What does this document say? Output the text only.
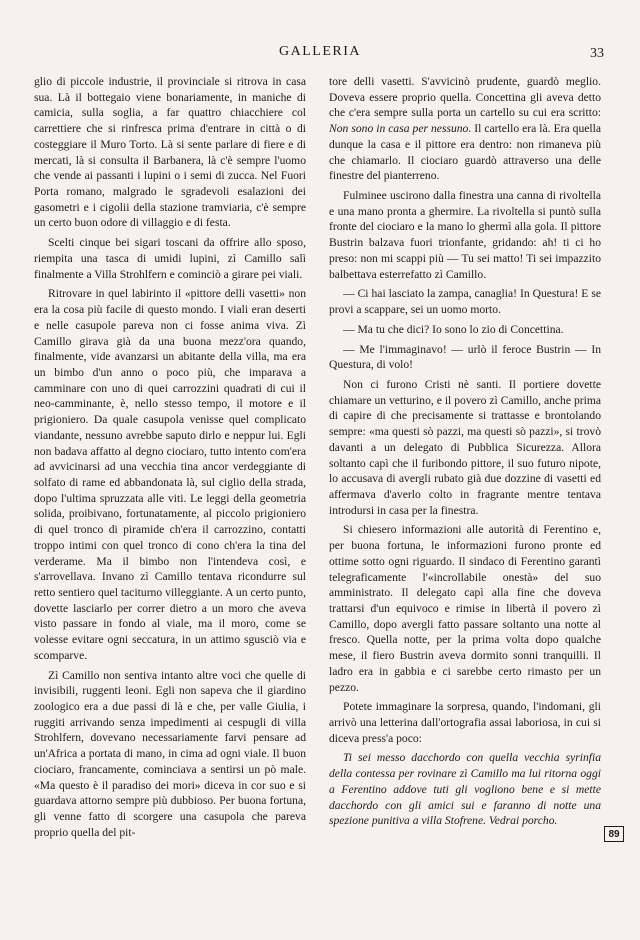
GALLERIA	33

glio di piccole industrie, il provinciale si ritrova in casa sua. Là il bottegaio viene bonariamente, in maniche di camicia, sulla soglia, a far quattro chiacchiere col carrettiere che si rinfresca prima d'entrare in città o di costeggiare il Muro Torto. Là si sente parlare di fiere e di mercati, là si consulta il Barbanera, là c'è sempre l'uomo che vende ai passanti i lupini o i semi di zucca. Nel Fuori Porta romano, malgrado le sgradevoli esalazioni dei gasometri e i cigolii della stazione tramviaria, c'è sempre un certo buon odore di villaggio e di festa.

Scelti cinque bei sigari toscani da offrire allo sposo, riempita una tasca di umidi lupini, zì Camillo salì finalmente a Villa Strohlfern e cominciò a girare pei viali.

Ritrovare in quel labirinto il «pittore delli vasetti» non era la cosa più facile di questo mondo. I viali eran deserti e nelle casupole pareva non ci fosse anima viva. Zì Camillo girava già da una buona mezz'ora quando, finalmente, vide avanzarsi un abitante della villa, ma era un bimbo d'un anno o poco più, che imparava a camminare con uno di quei carrozzini quadrati di cui il neo-camminante, è, nello stesso tempo, il motore e il prigioniero. Da quale casupola venisse quel complicato viandante, nessuno avrebbe saputo dirlo e neppur lui. Egli non badava affatto al degno ciociaro, tutto intento com'era ad avvicinarsi ad una vecchia tina ancor verdeggiante di solfato di rame ed abbandonata là, sul ciglio della strada, dopo l'ultima spruzzata alle viti. Le leggi della geometria solida, proibivano, fortunatamente, al piccolo prigioniero di quel tronco di piramide ch'era il carrozzino, contatti troppo intimi con quel tronco di cono ch'era la tina del verderame. Ma il bimbo non l'intendeva così, e s'arrovellava. Invano zì Camillo tentava ricondurre sul retto sentiero quel taciturno villeggiante. A un certo punto, dovette lasciarlo per correr dietro a un moro che aveva visto passare in fondo al viale, ma il moro, come se volesse evitare ogni seccatura, in un attimo sgusciò via e scomparve.

Zì Camillo non sentiva intanto altre voci che quelle di invisibili, ruggenti leoni. Egli non sapeva che il giardino zoologico era a due passi di là e che, per valle Giulia, i ruggiti arrivando senza impedimenti ai cespugli di villa Strohlfern, dovevano necessariamente farvi pensare ad un'Africa a portata di mano, in cima ad ogni viale. Il buon ciociaro, francamente, cominciava a sentirsi un pò male. «Ma questo è il paradiso dei mori» diceva in cor suo e si guardava attorno sempre più dubbioso. Per buona fortuna, gli venne fatto di scorgere una casupola che pareva proprio quella del pit-

tore delli vasetti. S'avvicinò prudente, guardò meglio. Doveva essere proprio quella. Concettina gli aveva detto che c'era sempre sulla porta un cartello su cui era scritto: Non sono in casa per nessuno. Il cartello era là. Era quella dunque la casa e il pittore era dentro: non rimaneva più che chiamarlo. Il ciociaro guardò attraverso una delle finestre del pianterreno.

Fulminee uscirono dalla finestra una canna di rivoltella e una mano pronta a ghermire. La rivoltella si puntò sulla fronte del ciociaro e la mano lo ghermì alla gola. Il pittore Bustrin balzava fuori trionfante, gridando: ah! ti ci ho preso: non mi scappi più — Tu sei matto! Ti sei impazzito balbettava esterrefatto zì Camillo.

— Ci hai lasciato la zampa, canaglia! In Questura! E se provi a scappare, sei un uomo morto.

— Ma tu che dici? Io sono lo zio di Concettina.

— Me l'immaginavo! — urlò il feroce Bustrin — In Questura, di volo!

Non ci furono Cristi nè santi. Il portiere dovette chiamare un vetturino, e il povero zì Camillo, anche prima di capire di che precisamente si trattasse e brontolando sempre: «ma questi sò pazzi, ma questi sò pazzi», si trovò davanti a un delegato di Pubblica Sicurezza. Allora soltanto capì che il furibondo pittore, il suo futuro nipote, lo accusava di avergli rubato già due dozzine di vasetti ed affermava d'averlo colto in fragrante mentre tentava introdursi in casa per la finestra.

Si chiesero informazioni alle autorità di Ferentino e, per buona fortuna, le informazioni furono pronte ed ottime sotto ogni riguardo. Il sindaco di Ferentino garantì telegraficamente l'«incrollabile onestà» del suo amministrato. Il delegato capì alla fine che doveva trattarsi d'un equivoco e rimise in libertà il povero zì Camillo, dopo avergli fatto passare soltanto una notte al fresco. Quella notte, per la prima volta dopo qualche mese, il fiero Bustrin aveva dormito sonni tranquilli. Il ladro era in gabbia e ci sarebbe certo rimasto per un pezzo.

Potete immaginare la sorpresa, quando, l'indomani, gli arrivò una letterina dall'ortografia assai laboriosa, in cui si diceva press'a poco:

Ti sei messo dacchordo con quella vecchia syrinfia della contessa per rovinare zì Camillo ma lui ritorna oggi a Ferentino addove tuti gli vogliono bene e si mette dacchordo con gli amici sui e faranno di notte una spezione punitiva a villa Stofrene. Vedrai porcho.

89
